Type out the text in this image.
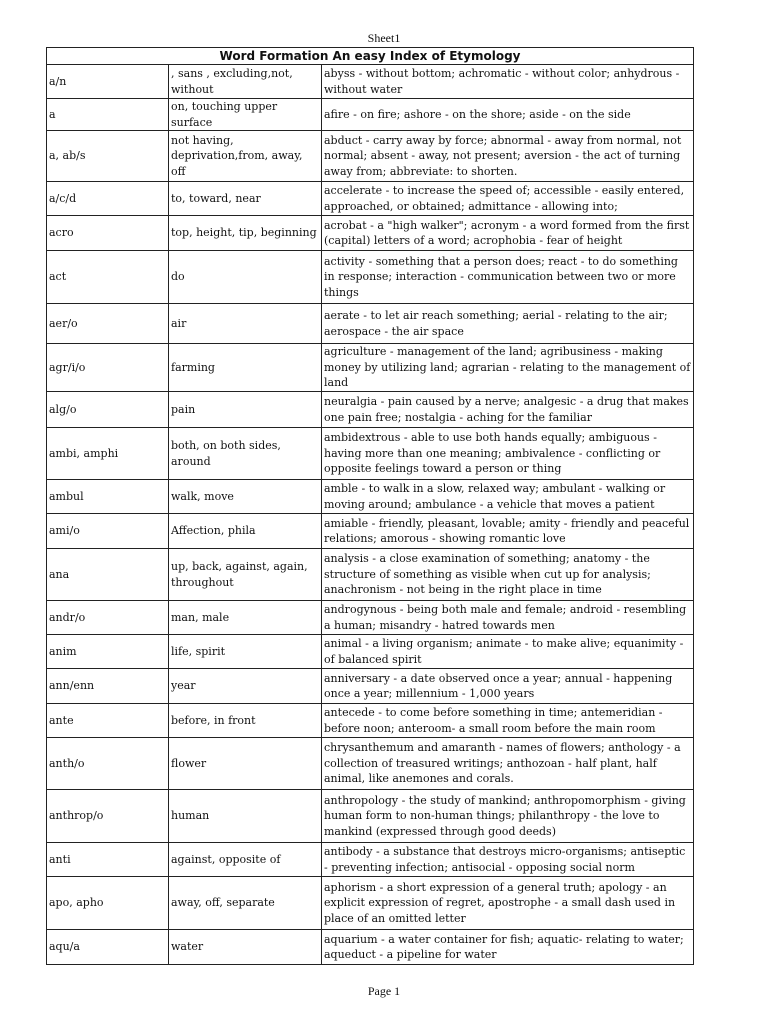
Sheet1
Word Formation An easy Index of Etymology		
a/n	, sans , excluding,not, without	abyss - without bottom; achromatic - without color; anhydrous - without water
a	on, touching upper surface	afire - on fire; ashore - on the shore; aside - on the side
a, ab/s	not having, deprivation,from, away, off	abduct - carry away by force; abnormal - away from normal, not normal; absent - away, not present; aversion - the act of turning away from; abbreviate: to shorten.
a/c/d	to, toward, near	accelerate - to increase the speed of; accessible - easily entered, approached, or obtained; admittance - allowing into;
acro	top, height, tip, beginning	acrobat - a "high walker"; acronym - a word formed from the first (capital) letters of a word; acrophobia - fear of height
act	do	activity - something that a person does; react - to do something in response; interaction - communication between two or more things
aer/o	air	aerate - to let air reach something; aerial - relating to the air; aerospace - the air space
agr/i/o	farming	agriculture - management of the land; agribusiness - making money by utilizing land; agrarian - relating to the management of land
alg/o	pain	neuralgia - pain caused by a nerve; analgesic - a drug that makes one pain free; nostalgia - aching for the familiar
ambi, amphi	both, on both sides, around	ambidextrous - able to use both hands equally; ambiguous - having more than one meaning; ambivalence - conflicting or opposite feelings toward a person or thing
ambul	walk, move	amble - to walk in a slow, relaxed way; ambulant - walking or moving around; ambulance - a vehicle that moves a patient
ami/o	Affection, phila	amiable - friendly, pleasant, lovable; amity - friendly and peaceful relations; amorous - showing romantic love
ana	up, back, against, again, throughout	analysis - a close examination of something; anatomy - the structure of something as visible when cut up for analysis; anachronism - not being in the right place in time
andr/o	man, male	androgynous - being both male and female; android - resembling a human; misandry - hatred towards men
anim	life, spirit	animal - a living organism; animate - to make alive; equanimity - of balanced spirit
ann/enn	year	anniversary - a date observed once a year; annual - happening once a year; millennium - 1,000 years
ante	before, in front	antecede - to come before something in time; antemeridian - before noon; anteroom- a small room before the main room
anth/o	flower	chrysanthemum and amaranth - names of flowers; anthology - a collection of treasured writings; anthozoan - half plant, half animal, like anemones and corals.
anthrop/o	human	anthropology - the study of mankind; anthropomorphism - giving human form to non-human things; philanthropy - the love to mankind (expressed through good deeds)
anti	against, opposite of	antibody - a substance that destroys micro-organisms; antiseptic - preventing infection; antisocial - opposing social norm
apo, apho	away, off, separate	aphorism - a short expression of a general truth; apology - an explicit expression of regret, apostrophe - a small dash used in place of an omitted letter
aqu/a	water	aquarium - a water container for fish; aquatic- relating to water; aqueduct - a pipeline for water
Page 1
